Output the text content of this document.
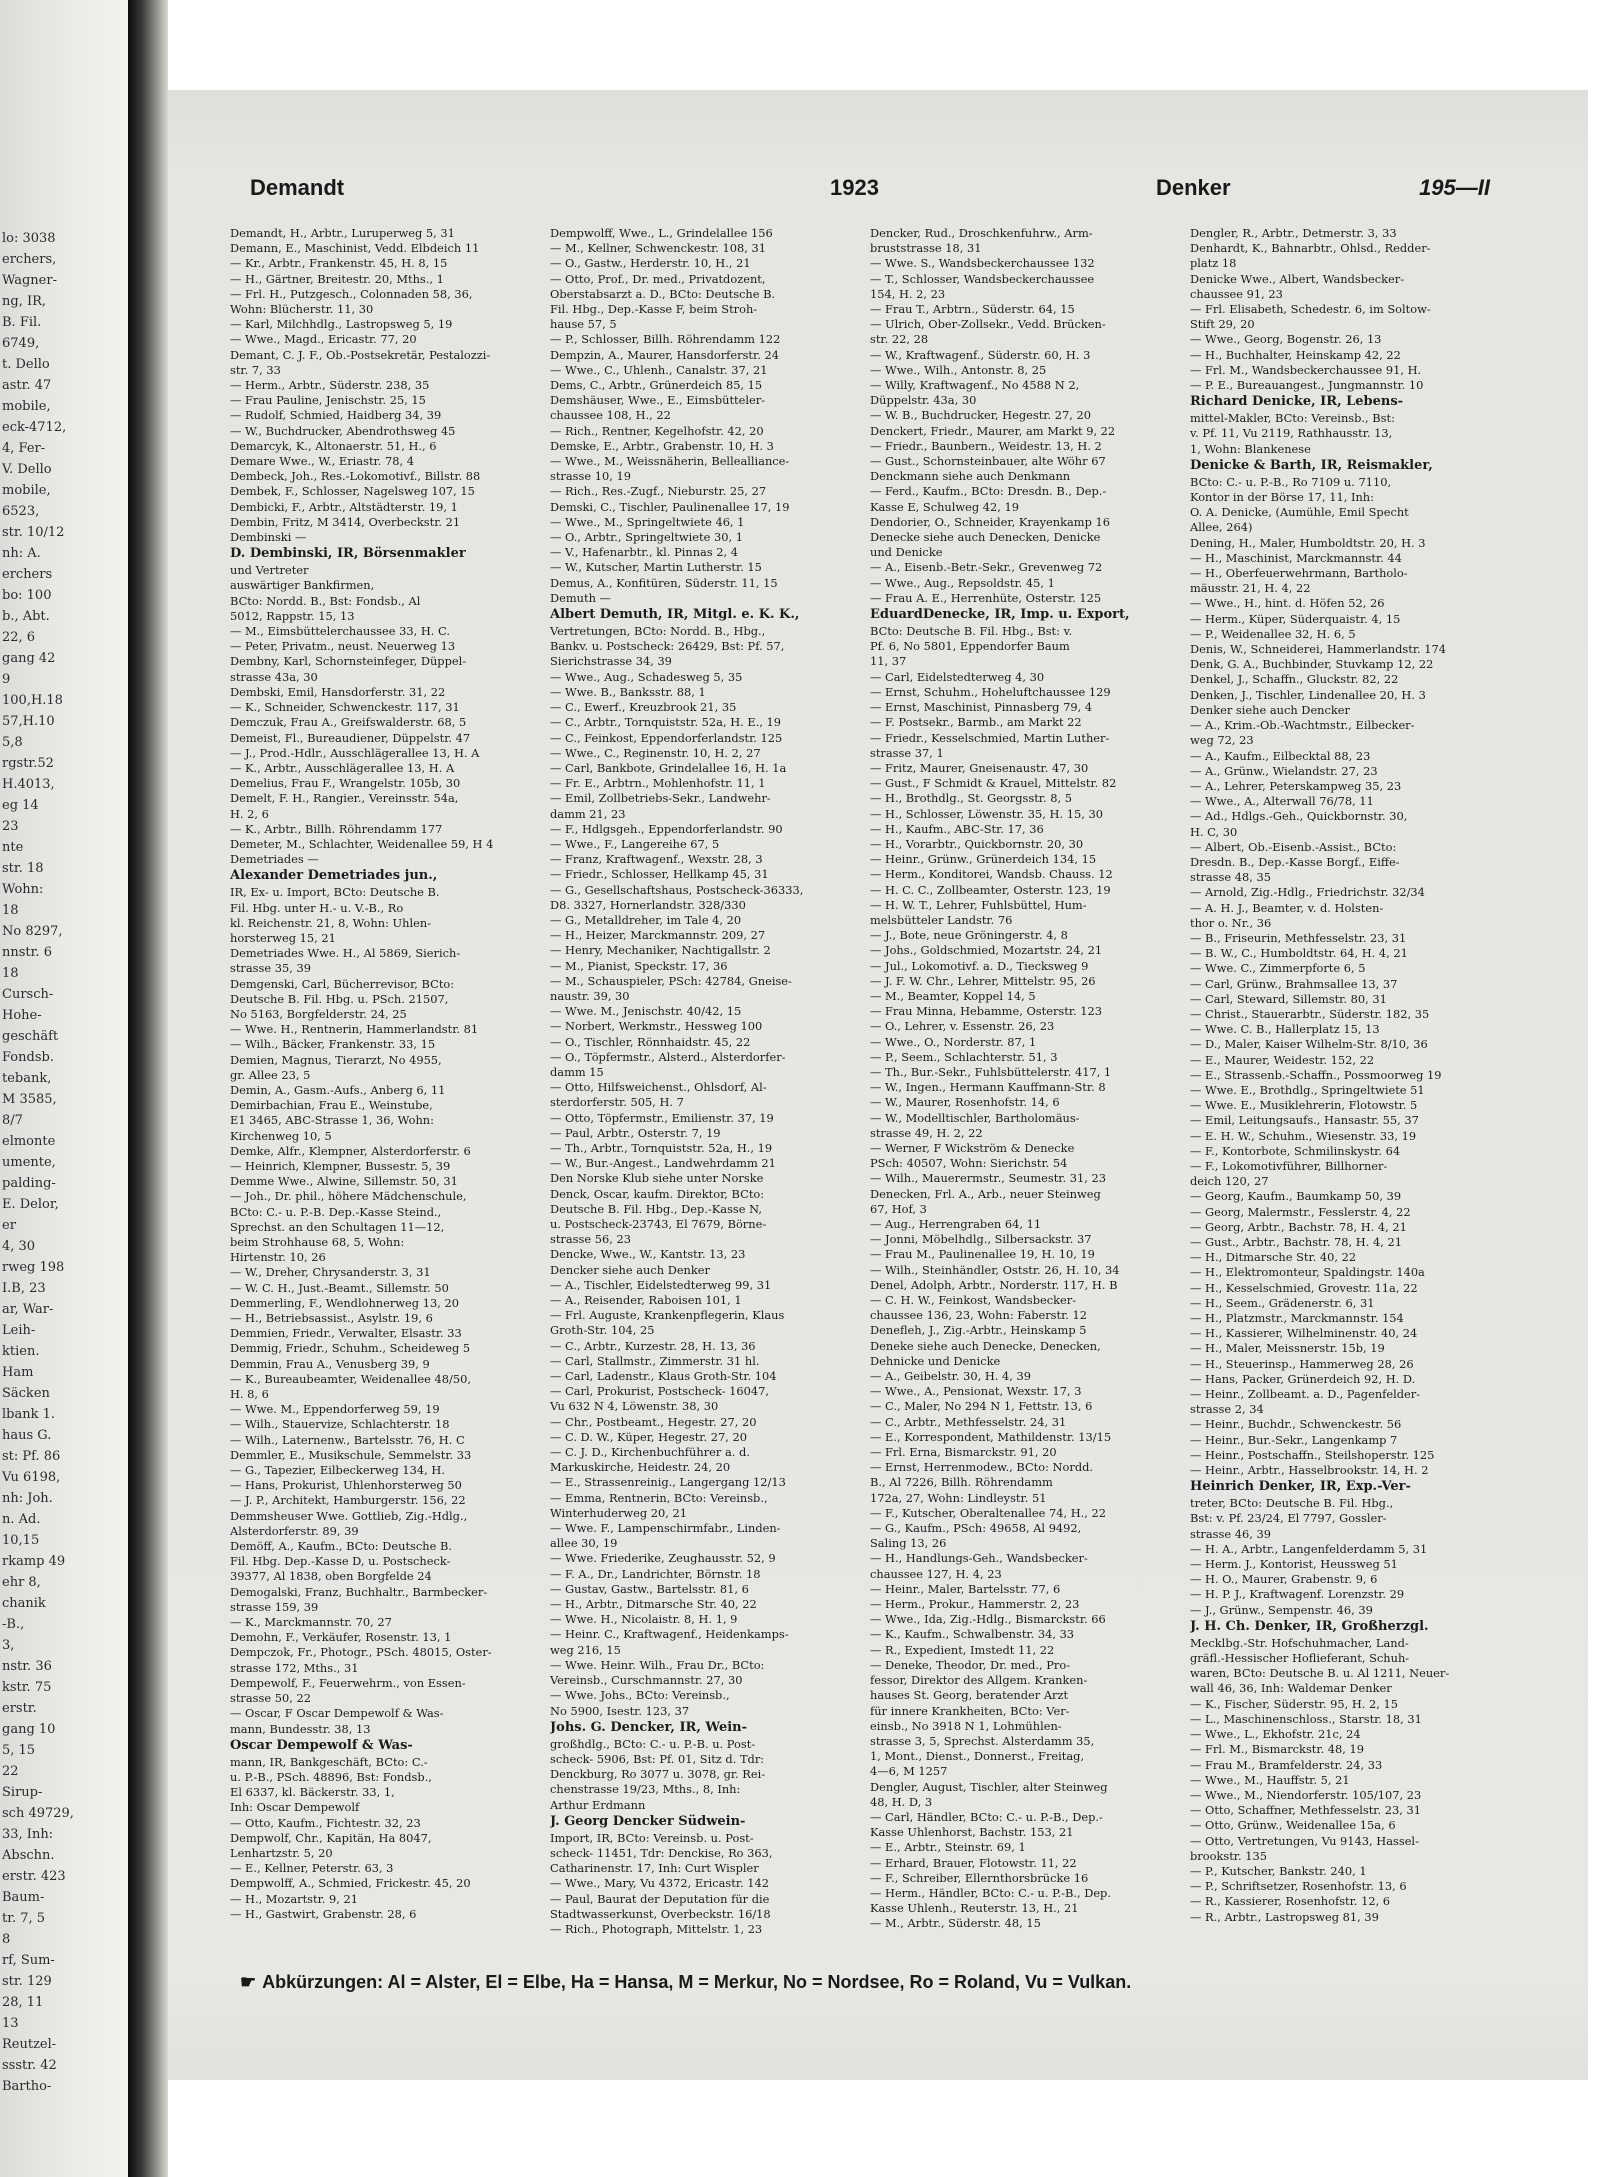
lo: 3038
erchers,
Wagner-
ng, IR,
B. Fil.
6749,
t. Dello
astr. 47
mobile,
eck-4712,
4, Fer-
V. Dello
mobile,
6523,
str. 10/12
nh: A.
erchers
bo: 100
b., Abt.
22, 6
gang 42
9
100,H.18
57,H.10
5,8
rgstr.52
H.4013,
eg 14
23
nte
str. 18
Wohn:
18
No 8297,
nnstr. 6
18
Cursch-
Hohe-
geschäft
Fondsb.
tebank,
M 3585,
8/7
elmonte
umente,
palding-
E. Delor,
er
4, 30
rweg 198
I.B, 23
ar, War-
Leih-
ktien.
Ham
Säcken
lbank 1.
haus G.
st: Pf. 86
Vu 6198,
nh: Joh.
n. Ad.
10,15
rkamp 49
ehr 8,
chanik
-B.,
3,
nstr. 36
kstr. 75
erstr.
gang 10
5, 15
22
Sirup-
sch 49729,
33, Inh:
Abschn.
erstr. 423
Baum-
tr. 7, 5
8
rf, Sum-
str. 129
28, 11
13
Reutzel-
ssstr. 42
Bartho-
Demandt	1923	Denker	195—II
Demandt, H., Arbtr., Luruperweg 5, 31
Demann, E., Maschinist, Vedd. Elbdeich 11
— Kr., Arbtr., Frankenstr. 45, H. 8, 15
— H., Gärtner, Breitestr. 20, Mths., 1
— Frl. H., Putzgesch., Colonnaden 58, 36,
Wohn: Blücherstr. 11, 30
— Karl, Milchhdlg., Lastropsweg 5, 19
— Wwe., Magd., Ericastr. 77, 20
Demant, C. J. F., Ob.-Postsekretär, Pestalozzi-
str. 7, 33
— Herm., Arbtr., Süderstr. 238, 35
— Frau Pauline, Jenischstr. 25, 15
— Rudolf, Schmied, Haidberg 34, 39
— W., Buchdrucker, Abendrothsweg 45
Demarcyk, K., Altonaerstr. 51, H., 6
Demare Wwe., W., Eriastr. 78, 4
Dembeck, Joh., Res.-Lokomotivf., Billstr. 88
Dembek, F., Schlosser, Nagelsweg 107, 15
Dembicki, F., Arbtr., Altstädterstr. 19, 1
Dembin, Fritz, M 3414, Overbeckstr. 21
Dembinski —
D. Dembinski, IR, Börsenmakler
und Vertreter
auswärtiger Bankfirmen,
BCto: Nordd. B., Bst: Fondsb., Al
5012, Rappstr. 15, 13
— M., Eimsbüttelerchaussee 33, H. C.
— Peter, Privatm., neust. Neuerweg 13
Dembny, Karl, Schornsteinfeger, Düppel-
strasse 43a, 30
Dembski, Emil, Hansdorferstr. 31, 22
— K., Schneider, Schwenckestr. 117, 31
Demczuk, Frau A., Greifswalderstr. 68, 5
Demeist, Fl., Bureaudiener, Düppelstr. 47
— J., Prod.-Hdlr., Ausschlägerallee 13, H. A
— K., Arbtr., Ausschlägerallee 13, H. A
Demelius, Frau F., Wrangelstr. 105b, 30
Demelt, F. H., Rangier., Vereinsstr. 54a,
H. 2, 6
— K., Arbtr., Billh. Röhrendamm 177
Demeter, M., Schlachter, Weidenallee 59, H 4
Demetriades —
Alexander Demetriades jun.,
IR, Ex- u. Import, BCto: Deutsche B.
Fil. Hbg. unter H.- u. V.-B., Ro
kl. Reichenstr. 21, 8, Wohn: Uhlen-
horsterweg 15, 21
Demetriades Wwe. H., Al 5869, Sierich-
strasse 35, 39
Demgenski, Carl, Bücherrevisor, BCto:
Deutsche B. Fil. Hbg. u. PSch. 21507,
No 5163, Borgfelderstr. 24, 25
— Wwe. H., Rentnerin, Hammerlandstr. 81
— Wilh., Bäcker, Frankenstr. 33, 15
Demien, Magnus, Tierarzt, No 4955,
gr. Allee 23, 5
Demin, A., Gasm.-Aufs., Anberg 6, 11
Demirbachian, Frau E., Weinstube,
E1 3465, ABC-Strasse 1, 36, Wohn:
Kirchenweg 10, 5
Demke, Alfr., Klempner, Alsterdorferstr. 6
— Heinrich, Klempner, Bussestr. 5, 39
Demme Wwe., Alwine, Sillemstr. 50, 31
— Joh., Dr. phil., höhere Mädchenschule,
BCto: C.- u. P.-B. Dep.-Kasse Steind.,
Sprechst. an den Schultagen 11—12,
beim Strohhause 68, 5, Wohn:
Hirtenstr. 10, 26
— W., Dreher, Chrysanderstr. 3, 31
— W. C. H., Just.-Beamt., Sillemstr. 50
Demmerling, F., Wendlohnerweg 13, 20
— H., Betriebsassist., Asylstr. 19, 6
Demmien, Friedr., Verwalter, Elsastr. 33
Demmig, Friedr., Schuhm., Scheideweg 5
Demmin, Frau A., Venusberg 39, 9
— K., Bureaubeamter, Weidenallee 48/50,
H. 8, 6
— Wwe. M., Eppendorferweg 59, 19
— Wilh., Stauervize, Schlachterstr. 18
— Wilh., Laternenw., Bartelsstr. 76, H. C
Demmler, E., Musikschule, Semmelstr. 33
— G., Tapezier, Eilbeckerweg 134, H.
— Hans, Prokurist, Uhlenhorsterweg 50
— J. P., Architekt, Hamburgerstr. 156, 22
Demmsheuser Wwe. Gottlieb, Zig.-Hdlg.,
Alsterdorferstr. 89, 39
Demöff, A., Kaufm., BCto: Deutsche B.
Fil. Hbg. Dep.-Kasse D, u. Postscheck-
39377, Al 1838, oben Borgfelde 24
Demogalski, Franz, Buchhaltr., Barmbecker-
strasse 159, 39
— K., Marckmannstr. 70, 27
Demohn, F., Verkäufer, Rosenstr. 13, 1
Dempczok, Fr., Photogr., PSch. 48015, Oster-
strasse 172, Mths., 31
Dempewolf, F., Feuerwehrm., von Essen-
strasse 50, 22
— Oscar, F Oscar Dempewolf & Was-
mann, Bundesstr. 38, 13
Oscar Dempewolf & Was-
mann, IR, Bankgeschäft, BCto: C.-
u. P.-B., PSch. 48896, Bst: Fondsb.,
El 6337, kl. Bäckerstr. 33, 1,
Inh: Oscar Dempewolf
— Otto, Kaufm., Fichtestr. 32, 23
Dempwolf, Chr., Kapitän, Ha 8047,
Lenhartzstr. 5, 20
— E., Kellner, Peterstr. 63, 3
Dempwolff, A., Schmied, Frickestr. 45, 20
— H., Mozartstr. 9, 21
— H., Gastwirt, Grabenstr. 28, 6
Dempwolff, Wwe., L., Grindelallee 156
— M., Kellner, Schwenckestr. 108, 31
— O., Gastw., Herderstr. 10, H., 21
— Otto, Prof., Dr. med., Privatdozent,
Oberstabsarzt a. D., BCto: Deutsche B.
Fil. Hbg., Dep.-Kasse F, beim Stroh-
hause 57, 5
— P., Schlosser, Billh. Röhrendamm 122
Dempzin, A., Maurer, Hansdorferstr. 24
— Wwe., C., Uhlenh., Canalstr. 37, 21
Dems, C., Arbtr., Grünerdeich 85, 15
Demshäuser, Wwe., E., Eimsbütteler-
chaussee 108, H., 22
— Rich., Rentner, Kegelhofstr. 42, 20
Demske, E., Arbtr., Grabenstr. 10, H. 3
— Wwe., M., Weissnäherin, Bellealliance-
strasse 10, 19
— Rich., Res.-Zugf., Nieburstr. 25, 27
Demski, C., Tischler, Paulinenallee 17, 19
— Wwe., M., Springeltwiete 46, 1
— O., Arbtr., Springeltwiete 30, 1
— V., Hafenarbtr., kl. Pinnas 2, 4
— W., Kutscher, Martin Lutherstr. 15
Demus, A., Konfitüren, Süderstr. 11, 15
Demuth —
Albert Demuth, IR, Mitgl. e. K. K.,
Vertretungen, BCto: Nordd. B., Hbg.,
Bankv. u. Postscheck: 26429, Bst: Pf. 57,
Sierichstrasse 34, 39
— Wwe., Aug., Schadesweg 5, 35
— Wwe. B., Banksstr. 88, 1
— C., Ewerf., Kreuzbrook 21, 35
— C., Arbtr., Tornquiststr. 52a, H. E., 19
— C., Feinkost, Eppendorferlandstr. 125
— Wwe., C., Reginenstr. 10, H. 2, 27
— Carl, Bankbote, Grindelallee 16, H. 1a
— Fr. E., Arbtrn., Mohlenhofstr. 11, 1
— Emil, Zollbetriebs-Sekr., Landwehr-
damm 21, 23
— F., Hdlgsgeh., Eppendorferlandstr. 90
— Wwe., F., Langereihe 67, 5
— Franz, Kraftwagenf., Wexstr. 28, 3
— Friedr., Schlosser, Hellkamp 45, 31
— G., Gesellschaftshaus, Postscheck-36333,
D8. 3327, Hornerlandstr. 328/330
— G., Metalldreher, im Tale 4, 20
— H., Heizer, Marckmannstr. 209, 27
— Henry, Mechaniker, Nachtigallstr. 2
— M., Pianist, Speckstr. 17, 36
— M., Schauspieler, PSch: 42784, Gneise-
naustr. 39, 30
— Wwe. M., Jenischstr. 40/42, 15
— Norbert, Werkmstr., Hessweg 100
— O., Tischler, Rönnhaidstr. 45, 22
— O., Töpfermstr., Alsterd., Alsterdorfer-
damm 15
— Otto, Hilfsweichenst., Ohlsdorf, Al-
sterdorferstr. 505, H. 7
— Otto, Töpfermstr., Emilienstr. 37, 19
— Paul, Arbtr., Osterstr. 7, 19
— Th., Arbtr., Tornquiststr. 52a, H., 19
— W., Bur.-Angest., Landwehrdamm 21
Den Norske Klub siehe unter Norske
Denck, Oscar, kaufm. Direktor, BCto:
Deutsche B. Fil. Hbg., Dep.-Kasse N,
u. Postscheck-23743, El 7679, Börne-
strasse 56, 23
Dencke, Wwe., W., Kantstr. 13, 23
Dencker siehe auch Denker
— A., Tischler, Eidelstedterweg 99, 31
— A., Reisender, Raboisen 101, 1
— Frl. Auguste, Krankenpflegerin, Klaus
Groth-Str. 104, 25
— C., Arbtr., Kurzestr. 28, H. 13, 36
— Carl, Stallmstr., Zimmerstr. 31 hl.
— Carl, Ladenstr., Klaus Groth-Str. 104
— Carl, Prokurist, Postscheck- 16047,
Vu 632 N 4, Löwenstr. 38, 30
— Chr., Postbeamt., Hegestr. 27, 20
— C. D. W., Küper, Hegestr. 27, 20
— C. J. D., Kirchenbuchführer a. d.
Markuskirche, Heidestr. 24, 20
— E., Strassenreinig., Langergang 12/13
— Emma, Rentnerin, BCto: Vereinsb.,
Winterhuderweg 20, 21
— Wwe. F., Lampenschirmfabr., Linden-
allee 30, 19
— Wwe. Friederike, Zeughausstr. 52, 9
— F. A., Dr., Landrichter, Börnstr. 18
— Gustav, Gastw., Bartelsstr. 81, 6
— H., Arbtr., Ditmarsche Str. 40, 22
— Wwe. H., Nicolaistr. 8, H. 1, 9
— Heinr. C., Kraftwagenf., Heidenkamps-
weg 216, 15
— Wwe. Heinr. Wilh., Frau Dr., BCto:
Vereinsb., Curschmannstr. 27, 30
— Wwe. Johs., BCto: Vereinsb.,
No 5900, Isestr. 123, 37
Johs. G. Dencker, IR, Wein-
großhdlg., BCto: C.- u. P.-B. u. Post-
scheck- 5906, Bst: Pf. 01, Sitz d. Tdr:
Denckburg, Ro 3077 u. 3078, gr. Rei-
chenstrasse 19/23, Mths., 8, Inh:
Arthur Erdmann
J. Georg Dencker Südwein-
Import, IR, BCto: Vereinsb. u. Post-
scheck- 11451, Tdr: Denckise, Ro 363,
Catharinenstr. 17, Inh: Curt Wispler
— Wwe., Mary, Vu 4372, Ericastr. 142
— Paul, Baurat der Deputation für die
Stadtwasserkunst, Overbeckstr. 16/18
— Rich., Photograph, Mittelstr. 1, 23
Dencker, Rud., Droschkenfuhrw., Arm-
bruststrasse 18, 31
— Wwe. S., Wandsbeckerchaussee 132
— T., Schlosser, Wandsbeckerchaussee
154, H. 2, 23
— Frau T., Arbtrn., Süderstr. 64, 15
— Ulrich, Ober-Zollsekr., Vedd. Brücken-
str. 22, 28
— W., Kraftwagenf., Süderstr. 60, H. 3
— Wwe., Wilh., Antonstr. 8, 25
— Willy, Kraftwagenf., No 4588 N 2,
Düppelstr. 43a, 30
— W. B., Buchdrucker, Hegestr. 27, 20
Denckert, Friedr., Maurer, am Markt 9, 22
— Friedr., Baunbern., Weidestr. 13, H. 2
— Gust., Schornsteinbauer, alte Wöhr 67
Denckmann siehe auch Denkmann
— Ferd., Kaufm., BCto: Dresdn. B., Dep.-
Kasse E, Schulweg 42, 19
Dendorier, O., Schneider, Krayenkamp 16
Denecke siehe auch Denecken, Denicke
und Denicke
— A., Eisenb.-Betr.-Sekr., Grevenweg 72
— Wwe., Aug., Repsoldstr. 45, 1
— Frau A. E., Herrenhüte, Osterstr. 125
EduardDenecke, IR, Imp. u. Export,
BCto: Deutsche B. Fil. Hbg., Bst: v.
Pf. 6, No 5801, Eppendorfer Baum
11, 37
— Carl, Eidelstedterweg 4, 30
— Ernst, Schuhm., Hoheluftchaussee 129
— Ernst, Maschinist, Pinnasberg 79, 4
— F. Postsekr., Barmb., am Markt 22
— Friedr., Kesselschmied, Martin Luther-
strasse 37, 1
— Fritz, Maurer, Gneisenaustr. 47, 30
— Gust., F Schmidt & Krauel, Mittelstr. 82
— H., Brothdlg., St. Georgsstr. 8, 5
— H., Schlosser, Löwenstr. 35, H. 15, 30
— H., Kaufm., ABC-Str. 17, 36
— H., Vorarbtr., Quickbornstr. 20, 30
— Heinr., Grünw., Grünerdeich 134, 15
— Herm., Konditorei, Wandsb. Chauss. 12
— H. C. C., Zollbeamter, Osterstr. 123, 19
— H. W. T., Lehrer, Fuhlsbüttel, Hum-
melsbütteler Landstr. 76
— J., Bote, neue Gröningerstr. 4, 8
— Johs., Goldschmied, Mozartstr. 24, 21
— Jul., Lokomotivf. a. D., Tiecksweg 9
— J. F. W. Chr., Lehrer, Mittelstr. 95, 26
— M., Beamter, Koppel 14, 5
— Frau Minna, Hebamme, Osterstr. 123
— O., Lehrer, v. Essenstr. 26, 23
— Wwe., O., Norderstr. 87, 1
— P., Seem., Schlachterstr. 51, 3
— Th., Bur.-Sekr., Fuhlsbüttelerstr. 417, 1
— W., Ingen., Hermann Kauffmann-Str. 8
— W., Maurer, Rosenhofstr. 14, 6
— W., Modelltischler, Bartholomäus-
strasse 49, H. 2, 22
— Werner, F Wickström & Denecke
PSch: 40507, Wohn: Sierichstr. 54
— Wilh., Mauerermstr., Seumestr. 31, 23
Denecken, Frl. A., Arb., neuer Steinweg
67, Hof, 3
— Aug., Herrengraben 64, 11
— Jonni, Möbelhdlg., Silbersackstr. 37
— Frau M., Paulinenallee 19, H. 10, 19
— Wilh., Steinhändler, Oststr. 26, H. 10, 34
Denel, Adolph, Arbtr., Norderstr. 117, H. B
— C. H. W., Feinkost, Wandsbecker-
chaussee 136, 23, Wohn: Faberstr. 12
Denefleh, J., Zig.-Arbtr., Heinskamp 5
Deneke siehe auch Denecke, Denecken,
Dehnicke und Denicke
— A., Geibelstr. 30, H. 4, 39
— Wwe., A., Pensionat, Wexstr. 17, 3
— C., Maler, No 294 N 1, Fettstr. 13, 6
— C., Arbtr., Methfesselstr. 24, 31
— E., Korrespondent, Mathildenstr. 13/15
— Frl. Erna, Bismarckstr. 91, 20
— Ernst, Herrenmodew., BCto: Nordd.
B., Al 7226, Billh. Röhrendamm
172a, 27, Wohn: Lindleystr. 51
— F., Kutscher, Oberaltenallee 74, H., 22
— G., Kaufm., PSch: 49658, Al 9492,
Saling 13, 26
— H., Handlungs-Geh., Wandsbecker-
chaussee 127, H. 4, 23
— Heinr., Maler, Bartelsstr. 77, 6
— Herm., Prokur., Hammerstr. 2, 23
— Wwe., Ida, Zig.-Hdlg., Bismarckstr. 66
— K., Kaufm., Schwalbenstr. 34, 33
— R., Expedient, Imstedt 11, 22
— Deneke, Theodor, Dr. med., Pro-
fessor, Direktor des Allgem. Kranken-
hauses St. Georg, beratender Arzt
für innere Krankheiten, BCto: Ver-
einsb., No 3918 N 1, Lohmühlen-
strasse 3, 5, Sprechst. Alsterdamm 35,
1, Mont., Dienst., Donnerst., Freitag,
4—6, M 1257
Dengler, August, Tischler, alter Steinweg
48, H. D, 3
— Carl, Händler, BCto: C.- u. P.-B., Dep.-
Kasse Uhlenhorst, Bachstr. 153, 21
— E., Arbtr., Steinstr. 69, 1
— Erhard, Brauer, Flotowstr. 11, 22
— F., Schreiber, Ellernthorsbrücke 16
— Herm., Händler, BCto: C.- u. P.-B., Dep.
Kasse Uhlenh., Reuterstr. 13, H., 21
— M., Arbtr., Süderstr. 48, 15
Dengler, R., Arbtr., Detmerstr. 3, 33
Denhardt, K., Bahnarbtr., Ohlsd., Redder-
platz 18
Denicke Wwe., Albert, Wandsbecker-
chaussee 91, 23
— Frl. Elisabeth, Schedestr. 6, im Soltow-
Stift 29, 20
— Wwe., Georg, Bogenstr. 26, 13
— H., Buchhalter, Heinskamp 42, 22
— Frl. M., Wandsbeckerchaussee 91, H.
— P. E., Bureauangest., Jungmannstr. 10
Richard Denicke, IR, Lebens-
mittel-Makler, BCto: Vereinsb., Bst:
v. Pf. 11, Vu 2119, Rathhausstr. 13,
1, Wohn: Blankenese
Denicke & Barth, IR, Reismakler,
BCto: C.- u. P.-B., Ro 7109 u. 7110,
Kontor in der Börse 17, 11, Inh:
O. A. Denicke, (Aumühle, Emil Specht
Allee, 264)
Dening, H., Maler, Humboldtstr. 20, H. 3
— H., Maschinist, Marckmannstr. 44
— H., Oberfeuerwehrmann, Bartholo-
mäusstr. 21, H. 4, 22
— Wwe., H., hint. d. Höfen 52, 26
— Herm., Küper, Süderquaistr. 4, 15
— P., Weidenallee 32, H. 6, 5
Denis, W., Schneiderei, Hammerlandstr. 174
Denk, G. A., Buchbinder, Stuvkamp 12, 22
Denkel, J., Schaffn., Gluckstr. 82, 22
Denken, J., Tischler, Lindenallee 20, H. 3
Denker siehe auch Dencker
— A., Krim.-Ob.-Wachtmstr., Eilbecker-
weg 72, 23
— A., Kaufm., Eilbecktal 88, 23
— A., Grünw., Wielandstr. 27, 23
— A., Lehrer, Peterskampweg 35, 23
— Wwe., A., Alterwall 76/78, 11
— Ad., Hdlgs.-Geh., Quickbornstr. 30,
H. C, 30
— Albert, Ob.-Eisenb.-Assist., BCto:
Dresdn. B., Dep.-Kasse Borgf., Eiffe-
strasse 48, 35
— Arnold, Zig.-Hdlg., Friedrichstr. 32/34
— A. H. J., Beamter, v. d. Holsten-
thor o. Nr., 36
— B., Friseurin, Methfesselstr. 23, 31
— B. W., C., Humboldtstr. 64, H. 4, 21
— Wwe. C., Zimmerpforte 6, 5
— Carl, Grünw., Brahmsallee 13, 37
— Carl, Steward, Sillemstr. 80, 31
— Christ., Stauerarbtr., Süderstr. 182, 35
— Wwe. C. B., Hallerplatz 15, 13
— D., Maler, Kaiser Wilhelm-Str. 8/10, 36
— E., Maurer, Weidestr. 152, 22
— E., Strassenb.-Schaffn., Possmoorweg 19
— Wwe. E., Brothdlg., Springeltwiete 51
— Wwe. E., Musiklehrerin, Flotowstr. 5
— Emil, Leitungsaufs., Hansastr. 55, 37
— E. H. W., Schuhm., Wiesenstr. 33, 19
— F., Kontorbote, Schmilinskystr. 64
— F., Lokomotivführer, Billhorner-
deich 120, 27
— Georg, Kaufm., Baumkamp 50, 39
— Georg, Malermstr., Fesslerstr. 4, 22
— Georg, Arbtr., Bachstr. 78, H. 4, 21
— Gust., Arbtr., Bachstr. 78, H. 4, 21
— H., Ditmarsche Str. 40, 22
— H., Elektromonteur, Spaldingstr. 140a
— H., Kesselschmied, Grovestr. 11a, 22
— H., Seem., Grädenerstr. 6, 31
— H., Platzmstr., Marckmannstr. 154
— H., Kassierer, Wilhelminenstr. 40, 24
— H., Maler, Meissnerstr. 15b, 19
— H., Steuerinsp., Hammerweg 28, 26
— Hans, Packer, Grünerdeich 92, H. D.
— Heinr., Zollbeamt. a. D., Pagenfelder-
strasse 2, 34
— Heinr., Buchdr., Schwenckestr. 56
— Heinr., Bur.-Sekr., Langenkamp 7
— Heinr., Postschaffn., Steilshoperstr. 125
— Heinr., Arbtr., Hasselbrookstr. 14, H. 2
Heinrich Denker, IR, Exp.-Ver-
treter, BCto: Deutsche B. Fil. Hbg.,
Bst: v. Pf. 23/24, El 7797, Gossler-
strasse 46, 39
— H. A., Arbtr., Langenfelderdamm 5, 31
— Herm. J., Kontorist, Heussweg 51
— H. O., Maurer, Grabenstr. 9, 6
— H. P. J., Kraftwagenf. Lorenzstr. 29
— J., Grünw., Sempenstr. 46, 39
J. H. Ch. Denker, IR, Großherzgl.
Mecklbg.-Str. Hofschuhmacher, Land-
gräfl.-Hessischer Hoflieferant, Schuh-
waren, BCto: Deutsche B. u. Al 1211, Neuer-
wall 46, 36, Inh: Waldemar Denker
— K., Fischer, Süderstr. 95, H. 2, 15
— L., Maschinenschloss., Starstr. 18, 31
— Wwe., L., Ekhofstr. 21c, 24
— Frl. M., Bismarckstr. 48, 19
— Frau M., Bramfelderstr. 24, 33
— Wwe., M., Hauffstr. 5, 21
— Wwe., M., Niendorferstr. 105/107, 23
— Otto, Schaffner, Methfesselstr. 23, 31
— Otto, Grünw., Weidenallee 15a, 6
— Otto, Vertretungen, Vu 9143, Hassel-
brookstr. 135
— P., Kutscher, Bankstr. 240, 1
— P., Schriftsetzer, Rosenhofstr. 13, 6
— R., Kassierer, Rosenhofstr. 12, 6
— R., Arbtr., Lastropsweg 81, 39
☛ Abkürzungen: Al = Alster, El = Elbe, Ha = Hansa, M = Merkur, No = Nordsee, Ro = Roland, Vu = Vulkan.
